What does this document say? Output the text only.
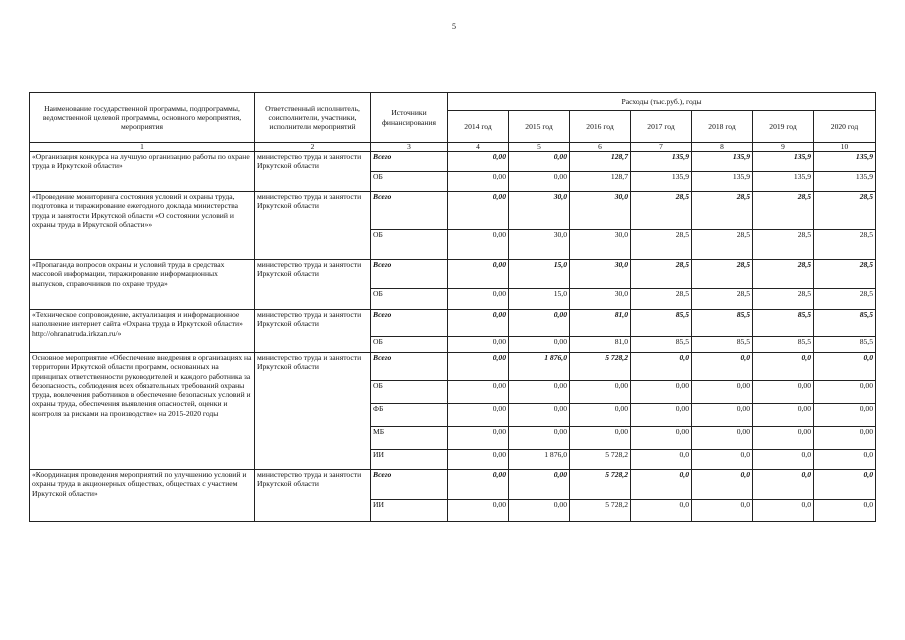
5
Наименование государственной программы, подпрограммы, ведомственной целевой программы, основного мероприятия, мероприятия	Ответственный исполнитель, соисполнители, участники, исполнители мероприятий	Источники финансирования	Расходы (тыс.руб.), годы						
			2014 год	2015 год	2016 год	2017 год	2018 год	2019 год	2020 год
1	2	3	4	5	6	7	8	9	10
«Организация конкурса на лучшую организацию работы по охране труда в Иркутской области»	министерство труда и занятости Иркутской области	Всего	0,00	0,00	128,7	135,9	135,9	135,9	135,9
		ОБ	0,00	0,00	128,7	135,9	135,9	135,9	135,9
«Проведение мониторинга состояния условий и охраны труда, подготовка и тиражирование ежегодного доклада министерства труда и занятости Иркутской области «О состоянии условий и охраны труда в Иркутской области»»	министерство труда и занятости Иркутской области	Всего	0,00	30,0	30,0	28,5	28,5	28,5	28,5
		ОБ	0,00	30,0	30,0	28,5	28,5	28,5	28,5
«Пропаганда вопросов охраны и условий труда в средствах массовой информации, тиражирование информационных выпусков, справочников по охране труда»	министерство труда и занятости Иркутской области	Всего	0,00	15,0	30,0	28,5	28,5	28,5	28,5
		ОБ	0,00	15,0	30,0	28,5	28,5	28,5	28,5
«Техническое сопровождение, актуализация и информационное наполнение интернет сайта «Охрана труда в Иркутской области» http://ohranatruda.irkzan.ru/»	министерство труда и занятости Иркутской области	Всего	0,00	0,00	81,0	85,5	85,5	85,5	85,5
		ОБ	0,00	0,00	81,0	85,5	85,5	85,5	85,5
Основное мероприятие «Обеспечение внедрения в организациях на территории Иркутской области программ, основанных на принципах ответственности руководителей и каждого работника за безопасность, соблюдения всех обязательных требований охраны труда, вовлечения работников в обеспечение безопасных условий и охраны труда, обеспечения выявления опасностей, оценки и контроля за рисками на производстве» на 2015-2020 годы	министерство труда и занятости Иркутской области	Всего	0,00	1 876,0	5 728,2	0,0	0,0	0,0	0,0
		ОБ	0,00	0,00	0,00	0,00	0,00	0,00	0,00
		ФБ	0,00	0,00	0,00	0,00	0,00	0,00	0,00
		МБ	0,00	0,00	0,00	0,00	0,00	0,00	0,00
		ИИ	0,00	1 876,0	5 728,2	0,0	0,0	0,0	0,0
«Координация проведения мероприятий по улучшению условий и охраны труда в акционерных обществах, обществах с участием Иркутской области»	министерство труда и занятости Иркутской области	Всего	0,00	0,00	5 728,2	0,0	0,0	0,0	0,0
		ИИ	0,00	0,00	5 728,2	0,0	0,0	0,0	0,0
